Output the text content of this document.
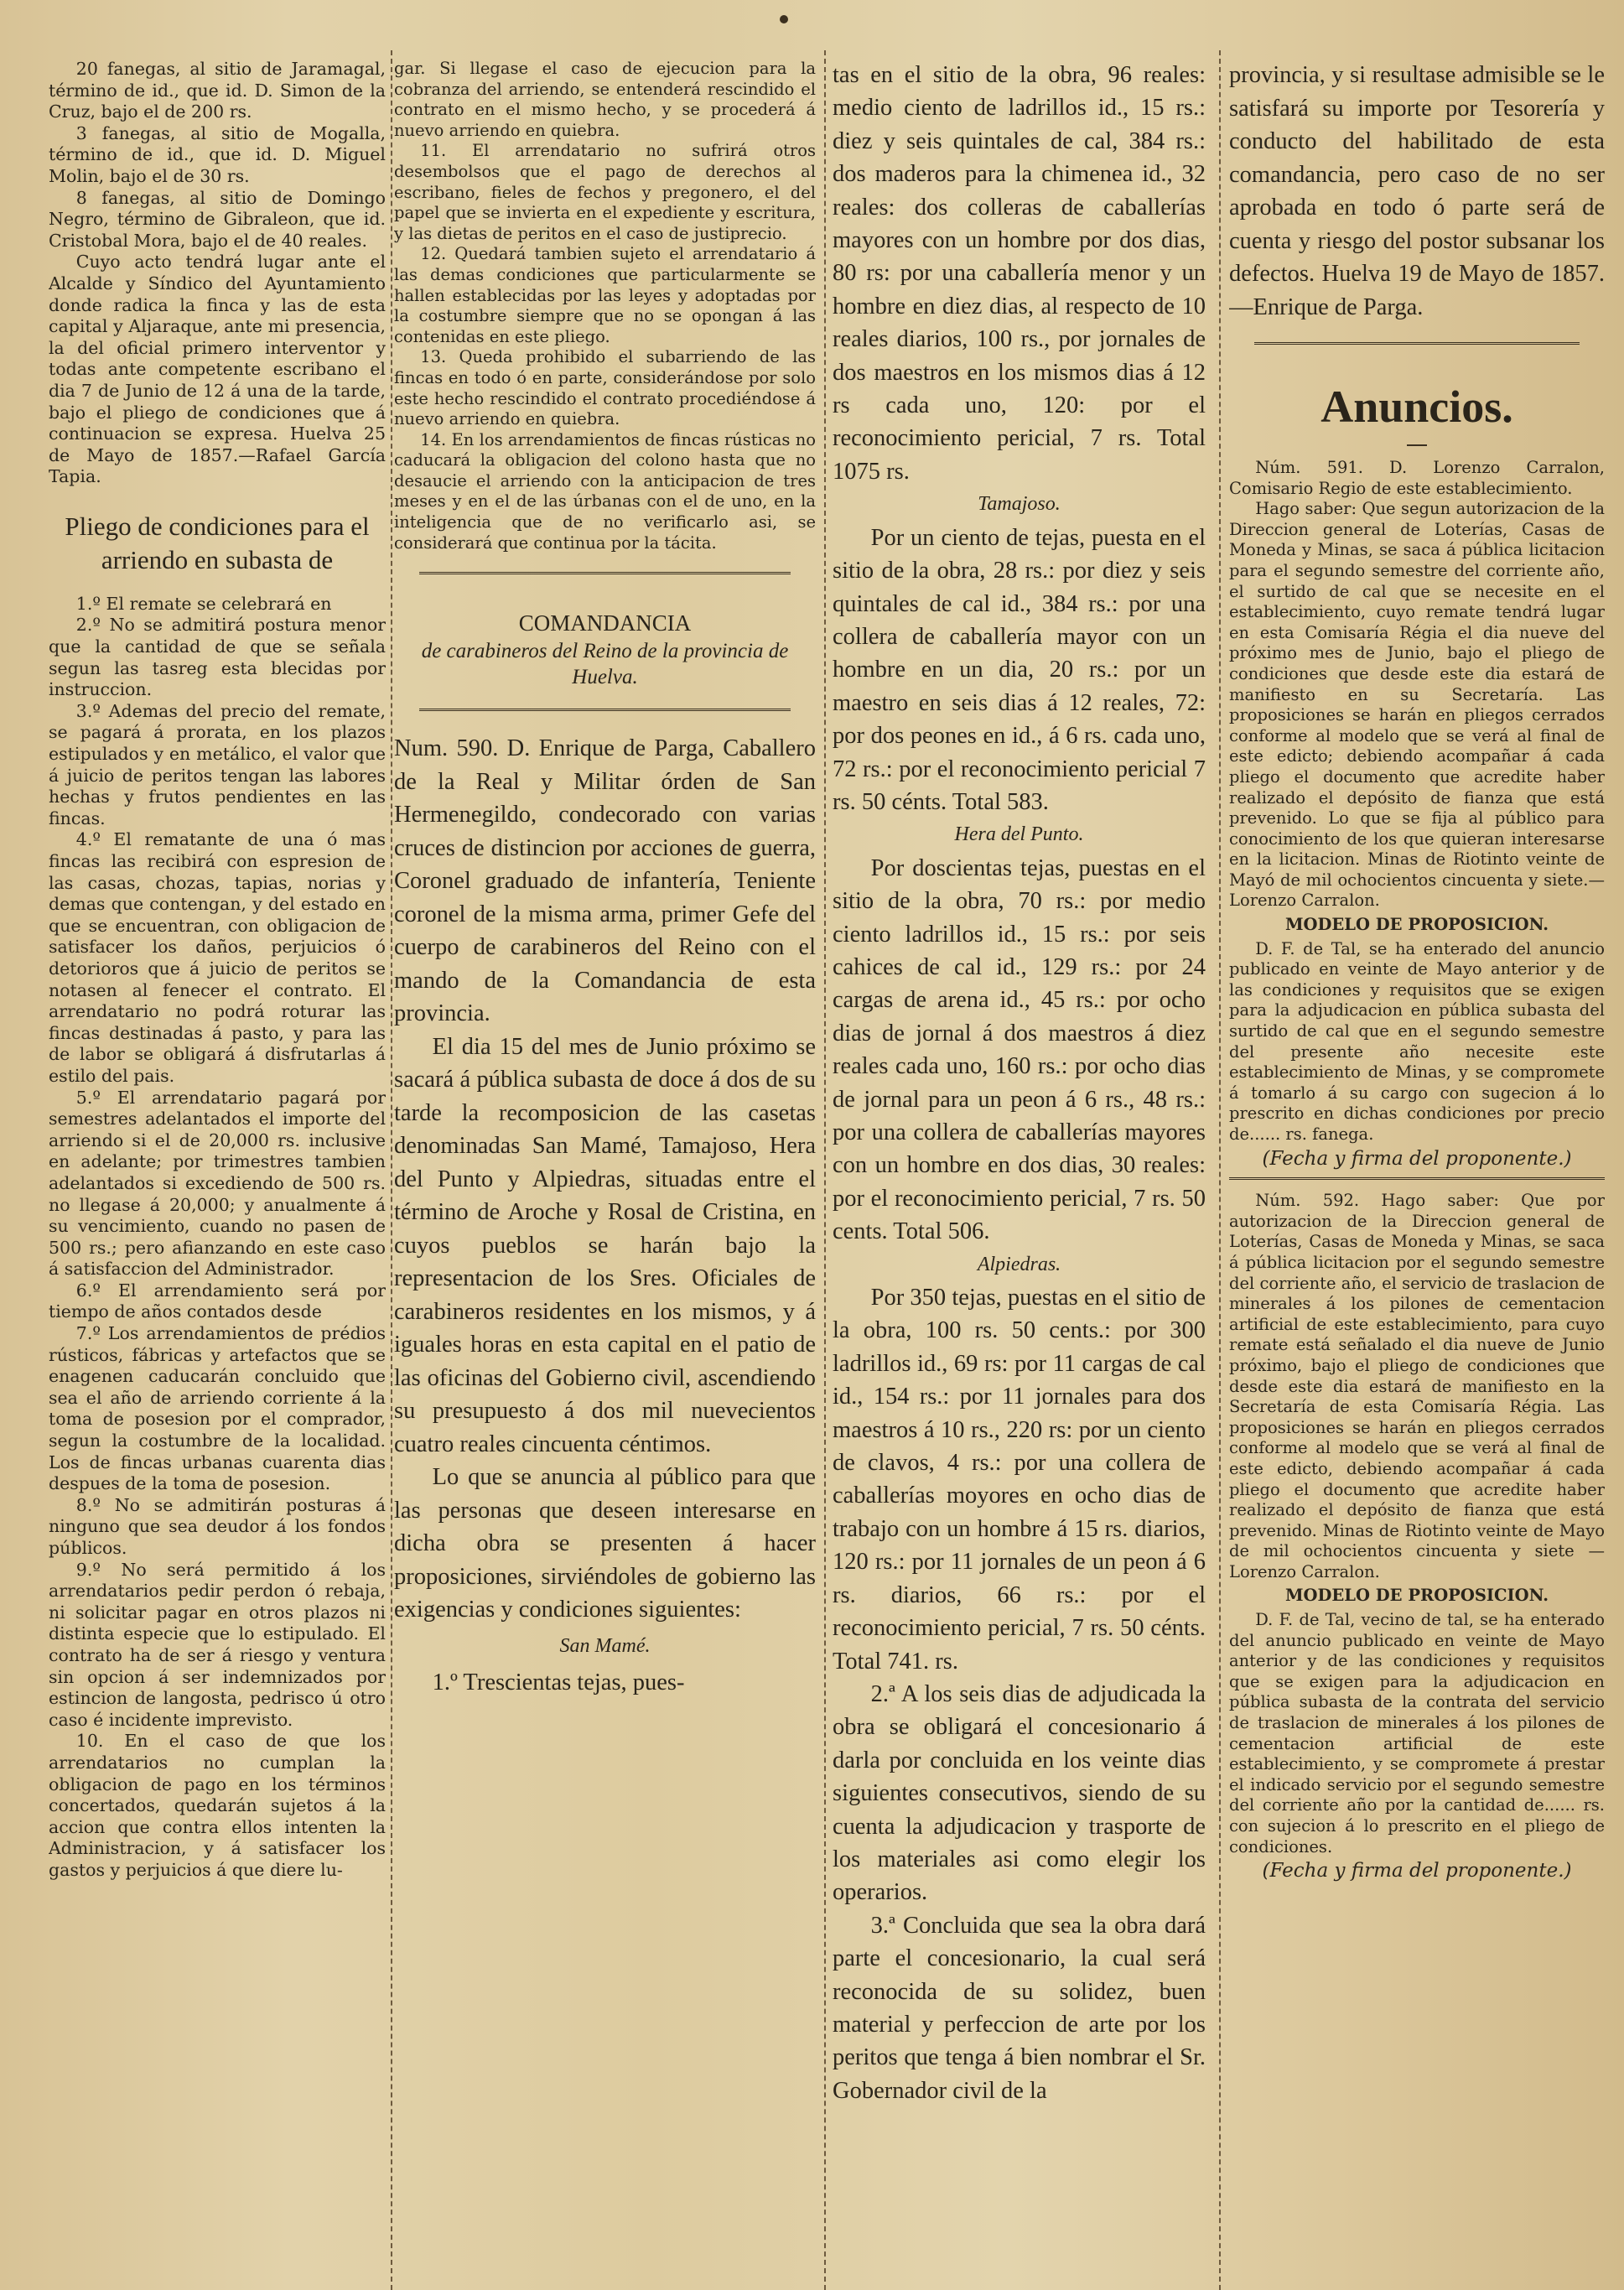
20 fanegas, al sitio de Jaramagal, término de id., que id. D. Simon de la Cruz, bajo el de 200 rs.

3 fanegas, al sitio de Mogalla, término de id., que id. D. Miguel Molin, bajo el de 30 rs.

8 fanegas, al sitio de Domingo Negro, término de Gibraleon, que id. Cristobal Mora, bajo el de 40 reales.

Cuyo acto tendrá lugar ante el Alcalde y Síndico del Ayuntamiento donde radica la finca y las de esta capital y Aljaraque, ante mi presencia, la del oficial primero interventor y todas ante competente escribano el dia 7 de Junio de 12 á una de la tarde, bajo el pliego de condiciones que á continuacion se expresa. Huelva 25 de Mayo de 1857.—Rafael García Tapia.

Pliego de condiciones para el arriendo en subasta de

1.º El remate se celebrará en

2.º No se admitirá postura menor que la cantidad de que se señala segun las tasreg esta blecidas por instruccion.

3.º Ademas del precio del remate, se pagará á prorata, en los plazos estipulados y en metálico, el valor que á juicio de peritos tengan las labores hechas y frutos pendientes en las fincas.

4.º El rematante de una ó mas fincas las recibirá con espresion de las casas, chozas, tapias, norias y demas que contengan, y del estado en que se encuentran, con obligacion de satisfacer los daños, perjuicios ó detorioros que á juicio de peritos se notasen al fenecer el contrato. El arrendatario no podrá roturar las fincas destinadas á pasto, y para las de labor se obligará á disfrutarlas á estilo del pais.

5.º El arrendatario pagará por semestres adelantados el importe del arriendo si el de 20,000 rs. inclusive en adelante; por trimestres tambien adelantados si excediendo de 500 rs. no llegase á 20,000; y anualmente á su vencimiento, cuando no pasen de 500 rs.; pero afianzando en este caso á satisfaccion del Administrador.

6.º El arrendamiento será por tiempo de años contados desde

7.º Los arrendamientos de prédios rústicos, fábricas y artefactos que se enagenen caducarán concluido que sea el año de arriendo corriente á la toma de posesion por el comprador, segun la costumbre de la localidad. Los de fincas urbanas cuarenta dias despues de la toma de posesion.

8.º No se admitirán posturas á ninguno que sea deudor á los fondos públicos.

9.º No será permitido á los arrendatarios pedir perdon ó rebaja, ni solicitar pagar en otros plazos ni distinta especie que lo estipulado. El contrato ha de ser á riesgo y ventura sin opcion á ser indemnizados por estincion de langosta, pedrisco ú otro caso é incidente imprevisto.

10. En el caso de que los arrendatarios no cumplan la obligacion de pago en los términos concertados, quedarán sujetos á la accion que contra ellos intenten la Administracion, y á satisfacer los gastos y perjuicios á que diere lu-

gar. Si llegase el caso de ejecucion para la cobranza del arriendo, se entenderá rescindido el contrato en el mismo hecho, y se procederá á nuevo arriendo en quiebra.

11. El arrendatario no sufrirá otros desembolsos que el pago de derechos al escribano, fieles de fechos y pregonero, el del papel que se invierta en el expediente y escritura, y las dietas de peritos en el caso de justiprecio.

12. Quedará tambien sujeto el arrendatario á las demas condiciones que particularmente se hallen establecidas por las leyes y adoptadas por la costumbre siempre que no se opongan á las contenidas en este pliego.

13. Queda prohibido el subarriendo de las fincas en todo ó en parte, considerándose por solo este hecho rescindido el contrato procediéndose á nuevo arriendo en quiebra.

14. En los arrendamientos de fincas rústicas no caducará la obligacion del colono hasta que no desaucie el arriendo con la anticipacion de tres meses y en el de las úrbanas con el de uno, en la inteligencia que de no verificarlo asi, se considerará que continua por la tácita.

COMANDANCIA
de carabineros del Reino de la provincia de Huelva.

Num. 590. D. Enrique de Parga, Caballero de la Real y Militar órden de San Hermenegildo, condecorado con varias cruces de distincion por acciones de guerra, Coronel graduado de infantería, Teniente coronel de la misma arma, primer Gefe del cuerpo de carabineros del Reino con el mando de la Comandancia de esta provincia.

El dia 15 del mes de Junio próximo se sacará á pública subasta de doce á dos de su tarde la recomposicion de las casetas denominadas San Mamé, Tamajoso, Hera del Punto y Alpiedras, situadas entre el término de Aroche y Rosal de Cristina, en cuyos pueblos se harán bajo la representacion de los Sres. Oficiales de carabineros residentes en los mismos, y á iguales horas en esta capital en el patio de las oficinas del Gobierno civil, ascendiendo su presupuesto á dos mil nuevecientos cuatro reales cincuenta céntimos.

Lo que se anuncia al público para que las personas que deseen interesarse en dicha obra se presenten á hacer proposiciones, sirviéndoles de gobierno las exigencias y condiciones siguientes:

San Mamé.

1.º Trescientas tejas, pues-

tas en el sitio de la obra, 96 reales: medio ciento de ladrillos id., 15 rs.: diez y seis quintales de cal, 384 rs.: dos maderos para la chimenea id., 32 reales: dos colleras de caballerías mayores con un hombre por dos dias, 80 rs: por una caballería menor y un hombre en diez dias, al respecto de 10 reales diarios, 100 rs., por jornales de dos maestros en los mismos dias á 12 rs cada uno, 120: por el reconocimiento pericial, 7 rs. Total 1075 rs.

Tamajoso.

Por un ciento de tejas, puesta en el sitio de la obra, 28 rs.: por diez y seis quintales de cal id., 384 rs.: por una collera de caballería mayor con un hombre en un dia, 20 rs.: por un maestro en seis dias á 12 reales, 72: por dos peones en id., á 6 rs. cada uno, 72 rs.: por el reconocimiento pericial 7 rs. 50 cénts. Total 583.

Hera del Punto.

Por doscientas tejas, puestas en el sitio de la obra, 70 rs.: por medio ciento ladrillos id., 15 rs.: por seis cahices de cal id., 129 rs.: por 24 cargas de arena id., 45 rs.: por ocho dias de jornal á dos maestros á diez reales cada uno, 160 rs.: por ocho dias de jornal para un peon á 6 rs., 48 rs.: por una collera de caballerías mayores con un hombre en dos dias, 30 reales: por el reconocimiento pericial, 7 rs. 50 cents. Total 506.

Alpiedras.

Por 350 tejas, puestas en el sitio de la obra, 100 rs. 50 cents.: por 300 ladrillos id., 69 rs: por 11 cargas de cal id., 154 rs.: por 11 jornales para dos maestros á 10 rs., 220 rs: por un ciento de clavos, 4 rs.: por una collera de caballerías moyores en ocho dias de trabajo con un hombre á 15 rs. diarios, 120 rs.: por 11 jornales de un peon á 6 rs. diarios, 66 rs.: por el reconocimiento pericial, 7 rs. 50 cénts. Total 741. rs.

2.ª A los seis dias de adjudicada la obra se obligará el concesionario á darla por concluida en los veinte dias siguientes consecutivos, siendo de su cuenta la adjudicacion y trasporte de los materiales asi como elegir los operarios.

3.ª Concluida que sea la obra dará parte el concesionario, la cual será reconocida de su solidez, buen material y perfeccion de arte por los peritos que tenga á bien nombrar el Sr. Gobernador civil de la

provincia, y si resultase admisible se le satisfará su importe por Tesorería y conducto del habilitado de esta comandancia, pero caso de no ser aprobada en todo ó parte será de cuenta y riesgo del postor subsanar los defectos. Huelva 19 de Mayo de 1857.—Enrique de Parga.

Anuncios.

Núm. 591. D. Lorenzo Carralon, Comisario Regio de este establecimiento.

Hago saber: Que segun autorizacion de la Direccion general de Loterías, Casas de Moneda y Minas, se saca á pública licitacion para el segundo semestre del corriente año, el surtido de cal que se necesite en el establecimiento, cuyo remate tendrá lugar en esta Comisaría Régia el dia nueve del próximo mes de Junio, bajo el pliego de condiciones que desde este dia estará de manifiesto en su Secretaría. Las proposiciones se harán en pliegos cerrados conforme al modelo que se verá al final de este edicto; debiendo acompañar á cada pliego el documento que acredite haber realizado el depósito de fianza que está prevenido. Lo que se fija al público para conocimiento de los que quieran interesarse en la licitacion. Minas de Riotinto veinte de Mayó de mil ochocientos cincuenta y siete.—Lorenzo Carralon.

MODELO DE PROPOSICION.

D. F. de Tal, se ha enterado del anuncio publicado en veinte de Mayo anterior y de las condiciones y requisitos que se exigen para la adjudicacion en pública subasta del surtido de cal que en el segundo semestre del presente año necesite este establecimiento de Minas, y se compromete á tomarlo á su cargo con sugecion á lo prescrito en dichas condiciones por precio de...... rs. fanega.

(Fecha y firma del proponente.)

Núm. 592. Hago saber: Que por autorizacion de la Direccion general de Loterías, Casas de Moneda y Minas, se saca á pública licitacion por el segundo semestre del corriente año, el servicio de traslacion de minerales á los pilones de cementacion artificial de este establecimiento, para cuyo remate está señalado el dia nueve de Junio próximo, bajo el pliego de condiciones que desde este dia estará de manifiesto en la Secretaría de esta Comisaría Régia. Las proposiciones se harán en pliegos cerrados conforme al modelo que se verá al final de este edicto, debiendo acompañar á cada pliego el documento que acredite haber realizado el depósito de fianza que está prevenido. Minas de Riotinto veinte de Mayo de mil ochocientos cincuenta y siete —Lorenzo Carralon.

MODELO DE PROPOSICION.

D. F. de Tal, vecino de tal, se ha enterado del anuncio publicado en veinte de Mayo anterior y de las condiciones y requisitos que se exigen para la adjudicacion en pública subasta de la contrata del servicio de traslacion de minerales á los pilones de cementacion artificial de este establecimiento, y se compromete á prestar el indicado servicio por el segundo semestre del corriente año por la cantidad de...... rs. con sujecion á lo prescrito en el pliego de condiciones.

(Fecha y firma del proponente.)
